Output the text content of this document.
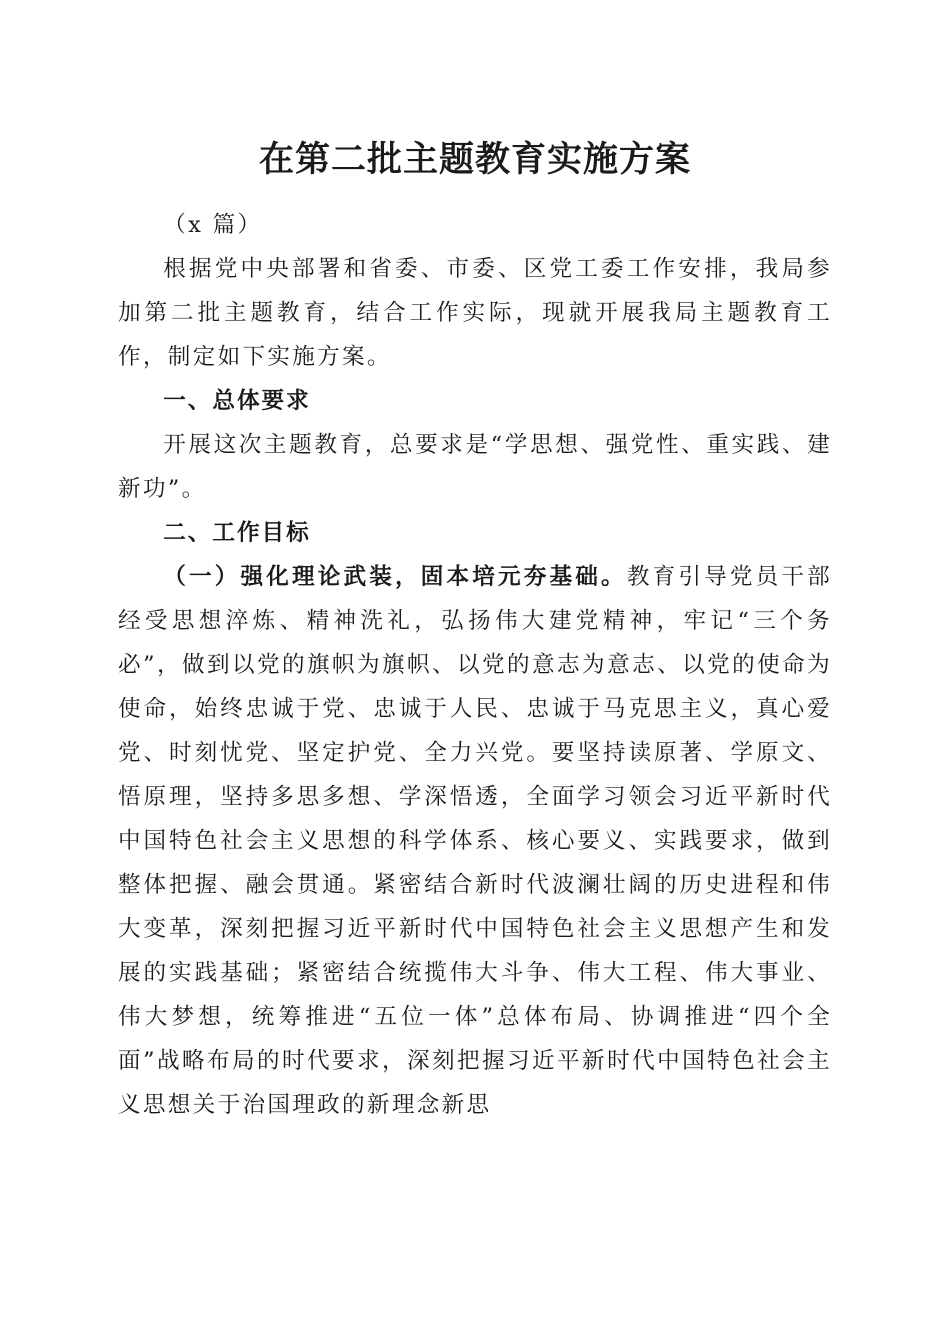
在第二批主题教育实施方案

（x 篇）

根据党中央部署和省委、市委、区党工委工作安排，我局参加第二批主题教育，结合工作实际，现就开展我局主题教育工作，制定如下实施方案。

一、总体要求

开展这次主题教育，总要求是“学思想、强党性、重实践、建新功”。

二、工作目标

（一）强化理论武装，固本培元夯基础。教育引导党员干部经受思想淬炼、精神洗礼，弘扬伟大建党精神，牢记“三个务必”，做到以党的旗帜为旗帜、以党的意志为意志、以党的使命为使命，始终忠诚于党、忠诚于人民、忠诚于马克思主义，真心爱党、时刻忧党、坚定护党、全力兴党。要坚持读原著、学原文、悟原理，坚持多思多想、学深悟透，全面学习领会习近平新时代中国特色社会主义思想的科学体系、核心要义、实践要求，做到整体把握、融会贯通。紧密结合新时代波澜壮阔的历史进程和伟大变革，深刻把握习近平新时代中国特色社会主义思想产生和发展的实践基础；紧密结合统揽伟大斗争、伟大工程、伟大事业、伟大梦想，统筹推进“五位一体”总体布局、协调推进“四个全面”战略布局的时代要求，深刻把握习近平新时代中国特色社会主义思想关于治国理政的新理念新思
